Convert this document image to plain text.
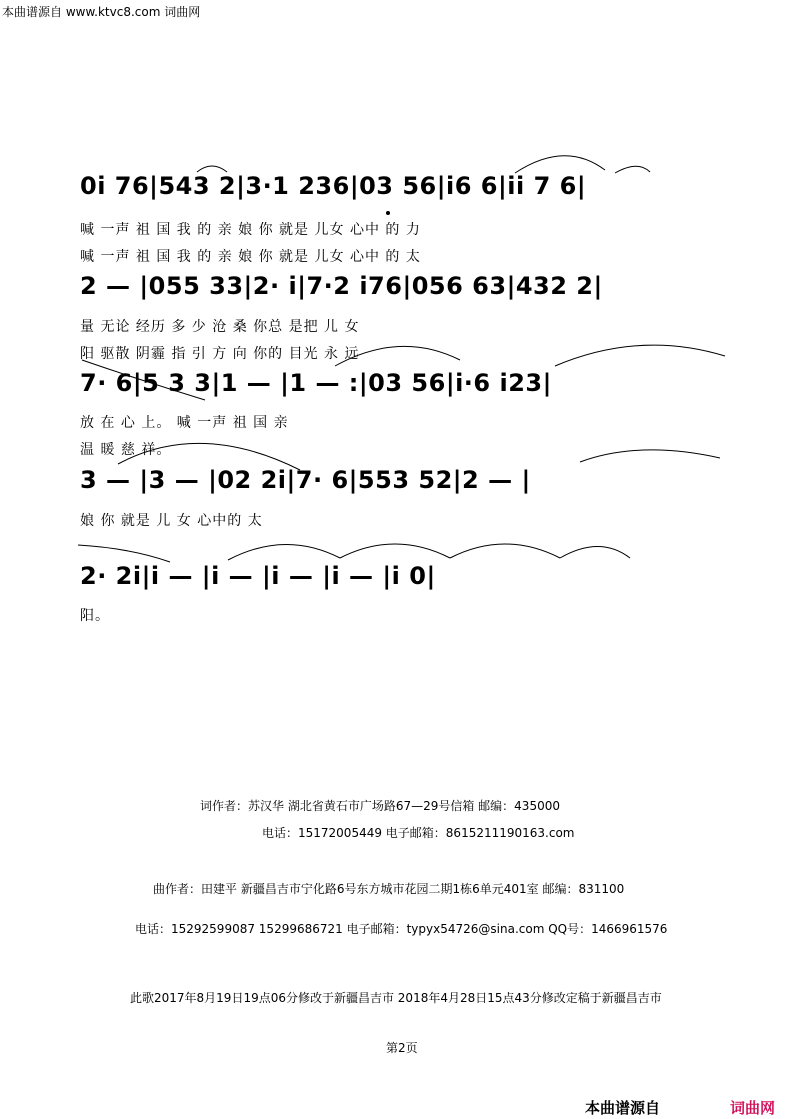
本曲谱源自 www.ktvc8.com 词曲网
0i 76|543 2|3·1 236|03 56|i6 6|ii 7 6|
喊 一声 祖 国 我 的 亲 娘 你 就是 儿女 心中 的 力
喊 一声 祖 国 我 的 亲 娘 你 就是 儿女 心中 的 太
2 — |055 33|2· i|7·2 i76|056 63|432 2|
量 无论 经历 多 少 沧 桑 你总 是把 儿 女
阳 驱散 阴霾 指 引 方 向 你的 目光 永 远
7· 6|5 3 3|1 — |1 — :|03 56|i·6 i23|
放 在 心 上。 喊 一声 祖 国 亲
温 暖 慈 祥。
3 — |3 — |02 2i|7· 6|553 52|2 — |
娘 你 就是 儿 女 心中的 太
2· 2i|i — |i — |i — |i — |i 0|
阳。
词作者：苏汉华 湖北省黄石市广场路67—29号信箱 邮编：435000
电话：15172005449 电子邮箱：8615211190163.com
曲作者：田建平 新疆昌吉市宁化路6号东方城市花园二期1栋6单元401室 邮编：831100
电话：15292599087 15299686721 电子邮箱：typyx54726@sina.com QQ号：1466961576
此歌2017年8月19日19点06分修改于新疆昌吉市 2018年4月28日15点43分修改定稿于新疆昌吉市
第2页
本曲谱源自	词曲网
